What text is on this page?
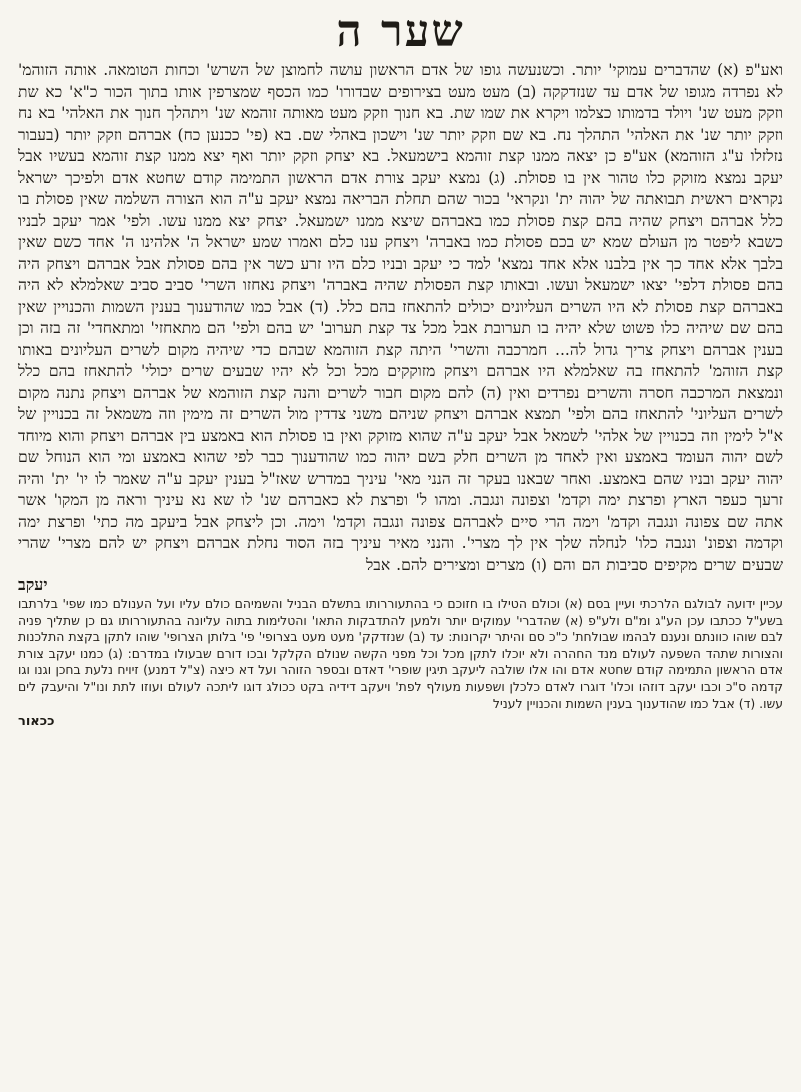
שער ה

ואע"פ (א) שהדברים עמוקי' יותר. וכשנעשה גופו של אדם הראשון עושה לחמוצן של השרש' וכחות הטומאה. אותה הזוהמ' לא נפרדה מגופו של אדם עד שנזדקקה (ב) מעט מעט בצירופים שבדורו' כמו הכסף שמצרפין אותו בתוך הכור כ"א' כא שת וזקק מעט שנ' ויולד בדמותו כצלמו ויקרא את שמו שת. בא חנוך וזקק מעט מאותה זוהמא שנ' ויתהלך חנוך את האלהי' בא נח וזקק יותר שנ' את האלהי' התהלך נח. בא שם וזקק יותר שנ' וישכון באהלי שם. בא (פי' ככנען כח) אברהם וזקק יותר (בעבור נזלזלו ע"ג הזוהמא) אע"פ כן יצאה ממנו קצת זוהמא בישמעאל. בא יצחק וזקק יותר ואף יצא ממנו קצת זוהמא בעשיו אבל יעקב נמצא מזוקק כלו טהור אין בו פסולת. (ג) נמצא יעקב צורת אדם הראשון התמימה קודם שחטא אדם ולפיכך ישראל נקראים ראשית תבואתה של יהוה ית' ונקראי' בכור שהם תחלת הבריאה נמצא יעקב ע"ה הוא הצורה השלמה שאין פסולת בו כלל אברהם ויצחק שהיה בהם קצת פסולת כמו באברהם שיצא ממנו ישמעאל. יצחק יצא ממנו עשו. ולפי' אמר יעקב לבניו כשבא ליפטר מן העולם שמא יש בכם פסולת כמו באברה' ויצחק ענו כלם ואמרו שמע ישראל ה' אלהינו ה' אחד כשם שאין בלבך אלא אחד כך אין בלבנו אלא אחד נמצא' למד כי יעקב ובניו כלם היו זרע כשר אין בהם פסולת אבל אברהם ויצחק היה בהם פסולת דלפי' יצאו ישמעאל ועשו. ובאותו קצת הפסולת שהיה באברה' ויצחק נאחזו השרי' סביב סביב שאלמלא לא היה באברהם קצת פסולת לא היו השרים העליונים יכולים להתאחז בהם כלל. (ד) אבל כמו שהודענוך בענין השמות והכנויין שאין בהם שם שיהיה כלו פשוט שלא יהיה בו תערובת אבל מכל צד קצת תערוב' יש בהם ולפי' הם מתאחזי' ומתאחדי' זה בזה וכן בענין אברהם ויצחק צריך גדול לה... חמרכבה והשרי' היתה קצת הזוהמא שבהם כדי שיהיה מקום לשרים העליונים באותו קצת הזוהמ' להתאחז בה שאלמלא היו אברהם ויצחק מזוקקים מכל וכל לא יהיו שבעים שרים יכולי' להתאחז בהם כלל ונמצאת המרכבה חסרה והשרים נפרדים ואין (ה) להם מקום חבור לשרים והנה קצת הזוהמא של אברהם ויצחק נתנה מקום לשרים העליוני' להתאחז בהם ולפי' תמצא אברהם ויצחק שניהם משני צדדין מול השרים זה מימין וזה משמאל זה בכנויין של א"ל לימין וזה בכנויין של אלהי' לשמאל אבל יעקב ע"ה שהוא מזוקק ואין בו פסולת הוא באמצע בין אברהם ויצחק והוא מיוחד לשם יהוה העומד באמצע ואין לאחד מן השרים חלק בשם יהוה כמו שהודענוך כבר לפי שהוא באמצע ומי הוא הנוחל שם יהוה יעקב ובניו שהם באמצע. ואחר שבאנו בעקר זה הנני מאי' עיניך במדרש שאז"ל בענין יעקב ע"ה שאמר לו יו' ית' והיה זרעך כעפר הארץ ופרצת ימה וקדמ' וצפונה ונגבה. ומהו ל' ופרצת לא כאברהם שנ' לו שא נא עיניך וראה מן המקו' אשר אתה שם צפונה ונגבה וקדמ' וימה הרי סיים לאברהם צפונה ונגבה וקדמ' וימה. וכן ליצחק אבל ביעקב מה כתי' ופרצת ימה וקדמה וצפונ' ונגבה כלו' לנחלה שלך אין לך מצרי'. והנני מאיר עיניך בזה הסוד נחלת אברהם ויצחק יש להם מצרי' שהרי שבעים שרים מקיפים סביבות הם והם (ו) מצרים ומצירים להם. אבל

יעקב

עכיין ידועה לבולגם הלרכתי ועיין בסם (א) וכולם הטילו בו חזוכם כי בהתעוררותו בתשלם הבניל והשמיהם כולם עליו ועל הענולם כמו שפי' בלרתבו בשע"ל ככתבו עכן הע"ג ומ"ם ולע"פ (א) שהדברי' עמוקים יותר ולמען להתדבקות התאו' והטלימות בתוה עליונה בהתעוררותו גם כן שתליך פניה לבם שוהו כוונתם ונענם לבהמו שבולחת' כ"כ סם והיתר יקרונות: עד (ב) שנזדקק' מעט מעט בצרופי' פי' בלותן הצרופי' שוהו לתקן בקצת התלכנות והצורות שתהד השפעה לעולם מנד החהרה ולא יוכלו לתקן מכל וכל מפני הקשה שנולם הקלקל ובכו דורם שבעולו במדרם: (ג) כמנו יעקב צורת אדם הראשון התמימה קודם שחטא אדם והו אלו שולבה ליעקב תיגין שופרי' דאדם ובספר הזוהר ועל דא כיצה (צ"ל דמנע) זיויח נלעת בחכן וגנו וגו קדמה ס"כ וכבו יעקב דוזהו וכלו' דוגרו לאדם כלכלן ושפעות מעולף לפת' ויעקב דידיה בקט ככולג דוגו ליתכה לעולם ועוזו לתת ונו"ל והיעבק לים עשו. (ד) אבל כמו שהודענוך בענין השמות והכנויין לעניל

ככאור
